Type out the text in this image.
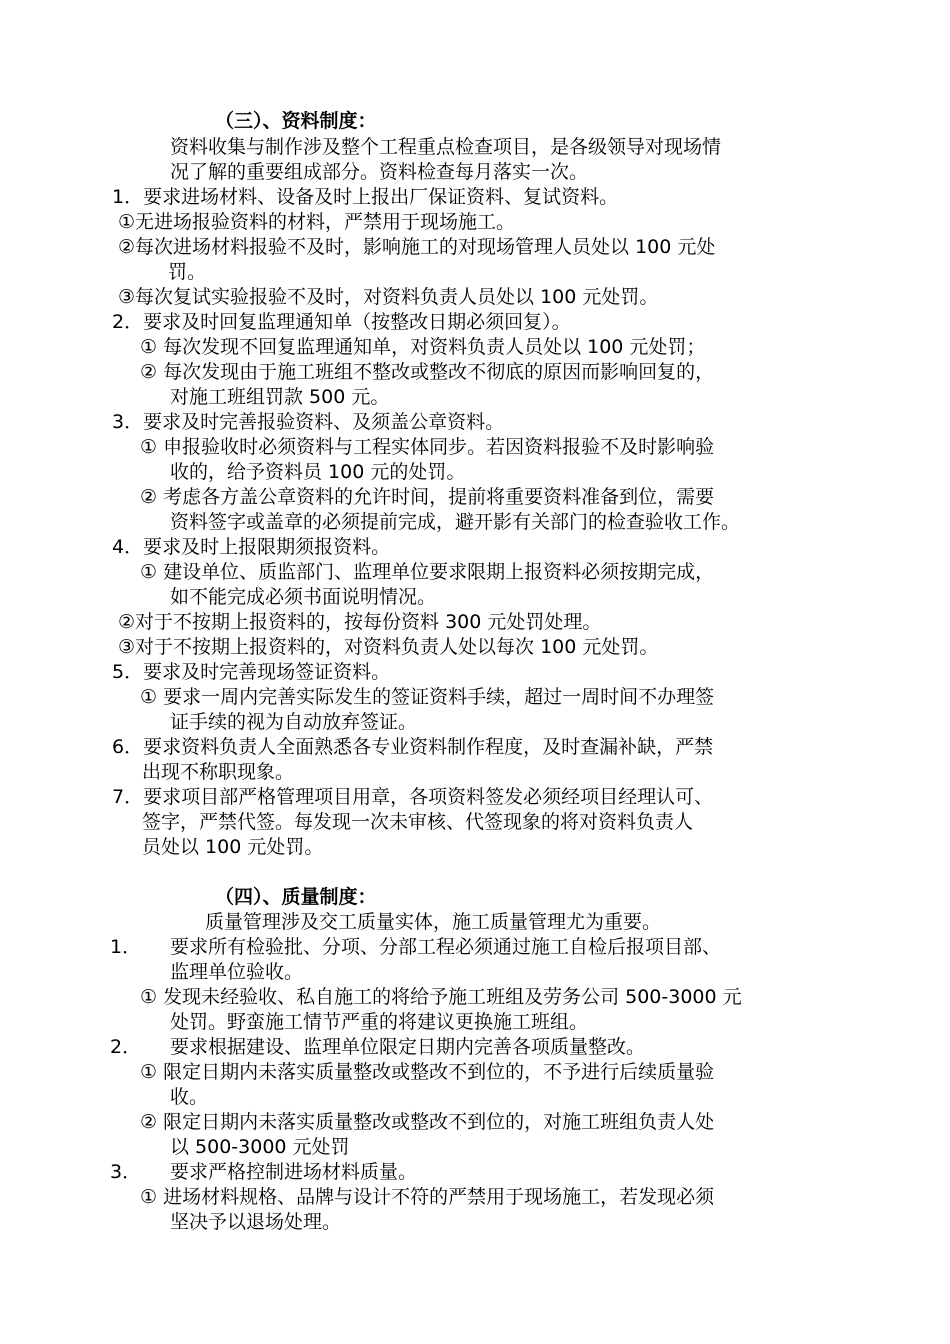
（三）、资料制度：
资料收集与制作涉及整个工程重点检查项目，是各级领导对现场情
况了解的重要组成部分。资料检查每月落实一次。
1．要求进场材料、设备及时上报出厂保证资料、复试资料。
①无进场报验资料的材料，严禁用于现场施工。
②每次进场材料报验不及时，影响施工的对现场管理人员处以 100 元处
罚。
③每次复试实验报验不及时，对资料负责人员处以 100 元处罚。
2．要求及时回复监理通知单（按整改日期必须回复）。
① 每次发现不回复监理通知单，对资料负责人员处以 100 元处罚；
② 每次发现由于施工班组不整改或整改不彻底的原因而影响回复的，
对施工班组罚款 500 元。
3．要求及时完善报验资料、及须盖公章资料。
① 申报验收时必须资料与工程实体同步。若因资料报验不及时影响验
收的，给予资料员 100 元的处罚。
② 考虑各方盖公章资料的允许时间，提前将重要资料准备到位，需要
资料签字或盖章的必须提前完成，避开影有关部门的检查验收工作。
4．要求及时上报限期须报资料。
① 建设单位、质监部门、监理单位要求限期上报资料必须按期完成，
如不能完成必须书面说明情况。
②对于不按期上报资料的，按每份资料 300 元处罚处理。
③对于不按期上报资料的，对资料负责人处以每次 100 元处罚。
5．要求及时完善现场签证资料。
① 要求一周内完善实际发生的签证资料手续，超过一周时间不办理签
证手续的视为自动放弃签证。
6．要求资料负责人全面熟悉各专业资料制作程度，及时查漏补缺，严禁
出现不称职现象。
7．要求项目部严格管理项目用章，各项资料签发必须经项目经理认可、
签字，严禁代签。每发现一次未审核、代签现象的将对资料负责人
员处以 100 元处罚。
（四）、质量制度：
质量管理涉及交工质量实体，施工质量管理尤为重要。
1． 要求所有检验批、分项、分部工程必须通过施工自检后报项目部、
监理单位验收。
① 发现未经验收、私自施工的将给予施工班组及劳务公司 500-3000 元
处罚。野蛮施工情节严重的将建议更换施工班组。
2． 要求根据建设、监理单位限定日期内完善各项质量整改。
① 限定日期内未落实质量整改或整改不到位的，不予进行后续质量验
收。
② 限定日期内未落实质量整改或整改不到位的，对施工班组负责人处
以 500-3000 元处罚
3． 要求严格控制进场材料质量。
① 进场材料规格、品牌与设计不符的严禁用于现场施工，若发现必须
坚决予以退场处理。
